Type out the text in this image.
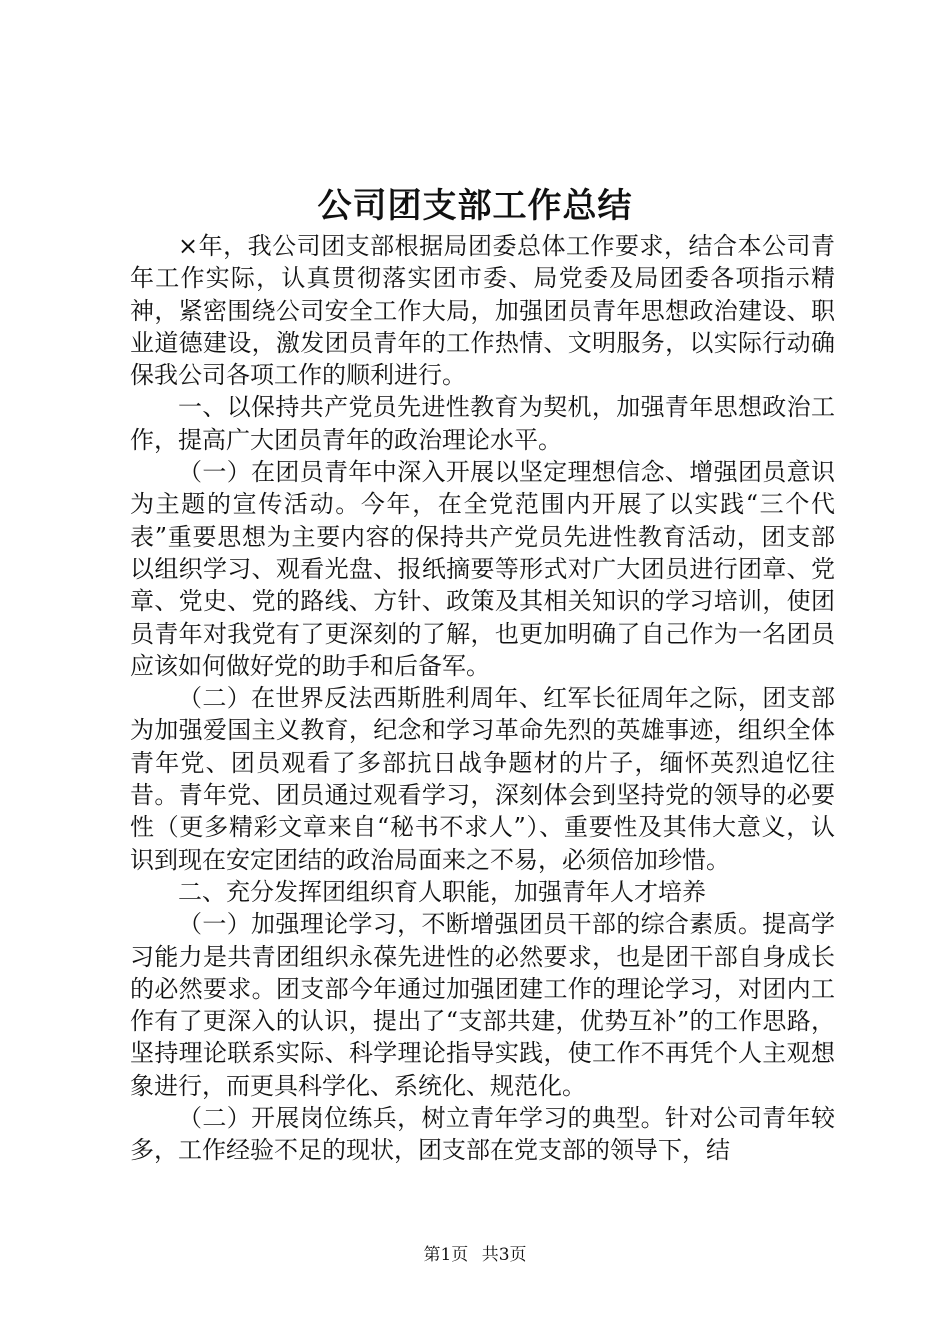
公司团支部工作总结

×年，我公司团支部根据局团委总体工作要求，结合本公司青年工作实际，认真贯彻落实团市委、局党委及局团委各项指示精神，紧密围绕公司安全工作大局，加强团员青年思想政治建设、职业道德建设，激发团员青年的工作热情、文明服务，以实际行动确保我公司各项工作的顺利进行。

一、以保持共产党员先进性教育为契机，加强青年思想政治工作，提高广大团员青年的政治理论水平。

（一）在团员青年中深入开展以坚定理想信念、增强团员意识为主题的宣传活动。今年，在全党范围内开展了以实践“三个代表”重要思想为主要内容的保持共产党员先进性教育活动，团支部以组织学习、观看光盘、报纸摘要等形式对广大团员进行团章、党章、党史、党的路线、方针、政策及其相关知识的学习培训，使团员青年对我党有了更深刻的了解，也更加明确了自己作为一名团员应该如何做好党的助手和后备军。

（二）在世界反法西斯胜利周年、红军长征周年之际，团支部为加强爱国主义教育，纪念和学习革命先烈的英雄事迹，组织全体青年党、团员观看了多部抗日战争题材的片子，缅怀英烈追忆往昔。青年党、团员通过观看学习，深刻体会到坚持党的领导的必要性（更多精彩文章来自“秘书不求人”）、重要性及其伟大意义，认识到现在安定团结的政治局面来之不易，必须倍加珍惜。

二、充分发挥团组织育人职能，加强青年人才培养

（一）加强理论学习，不断增强团员干部的综合素质。提高学习能力是共青团组织永葆先进性的必然要求，也是团干部自身成长的必然要求。团支部今年通过加强团建工作的理论学习，对团内工作有了更深入的认识，提出了“支部共建，优势互补”的工作思路，坚持理论联系实际、科学理论指导实践，使工作不再凭个人主观想象进行，而更具科学化、系统化、规范化。

（二）开展岗位练兵，树立青年学习的典型。针对公司青年较多，工作经验不足的现状，团支部在党支部的领导下，结

第1页 共3页
